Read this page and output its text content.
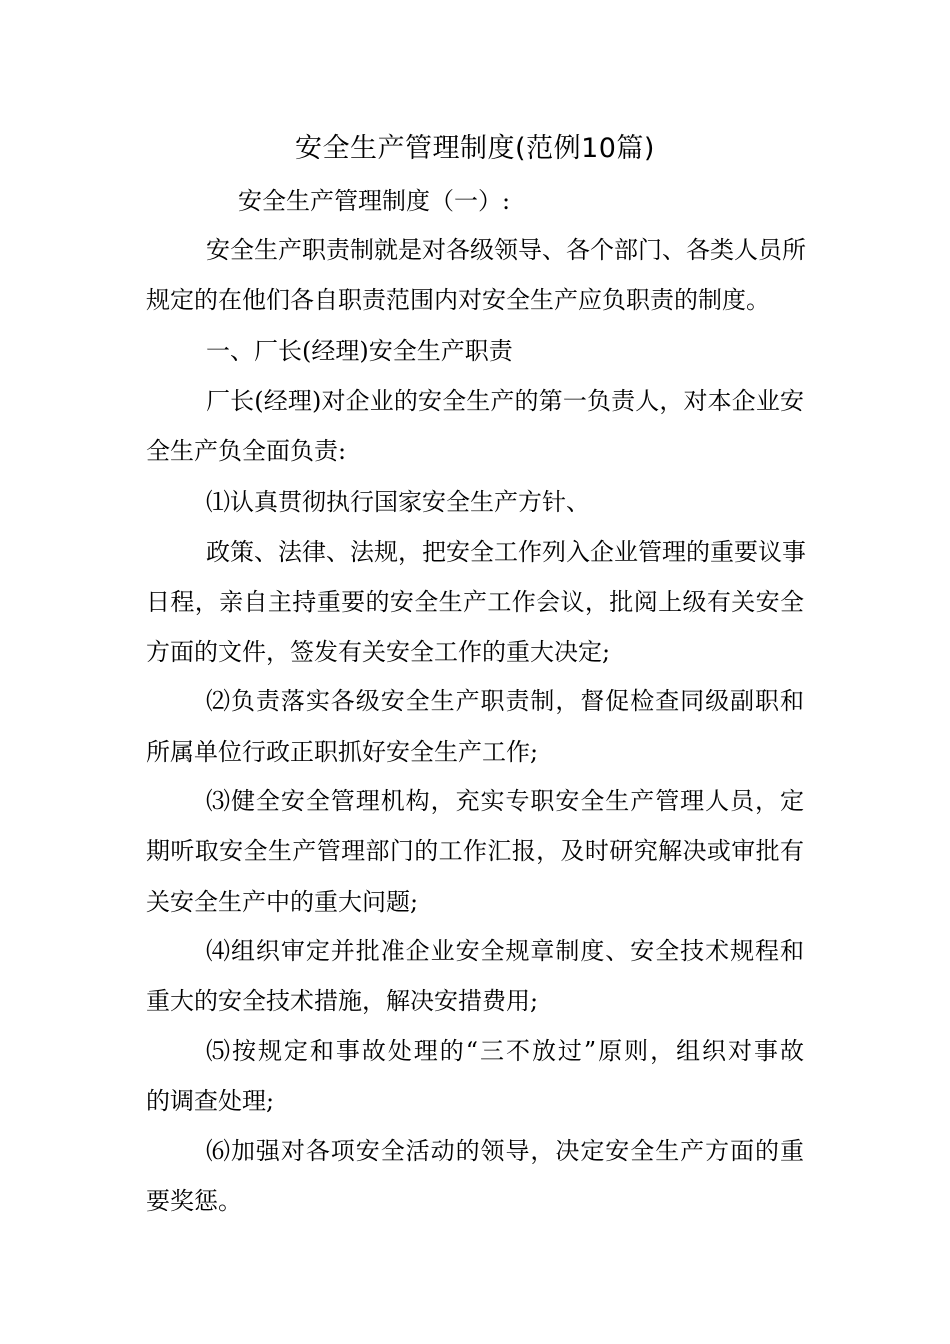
安全生产管理制度(范例10篇)
安全生产管理制度（一）:
安全生产职责制就是对各级领导、各个部门、各类人员所
规定的在他们各自职责范围内对安全生产应负职责的制度。
一、厂长(经理)安全生产职责
厂长(经理)对企业的安全生产的第一负责人，对本企业安
全生产负全面负责:
⑴认真贯彻执行国家安全生产方针、
政策、法律、法规，把安全工作列入企业管理的重要议事
日程，亲自主持重要的安全生产工作会议，批阅上级有关安全
方面的文件，签发有关安全工作的重大决定;
⑵负责落实各级安全生产职责制，督促检查同级副职和
所属单位行政正职抓好安全生产工作;
⑶健全安全管理机构，充实专职安全生产管理人员，定
期听取安全生产管理部门的工作汇报，及时研究解决或审批有
关安全生产中的重大问题;
⑷组织审定并批准企业安全规章制度、安全技术规程和
重大的安全技术措施，解决安措费用;
⑸按规定和事故处理的“三不放过”原则，组织对事故
的调查处理;
⑹加强对各项安全活动的领导，决定安全生产方面的重
要奖惩。
